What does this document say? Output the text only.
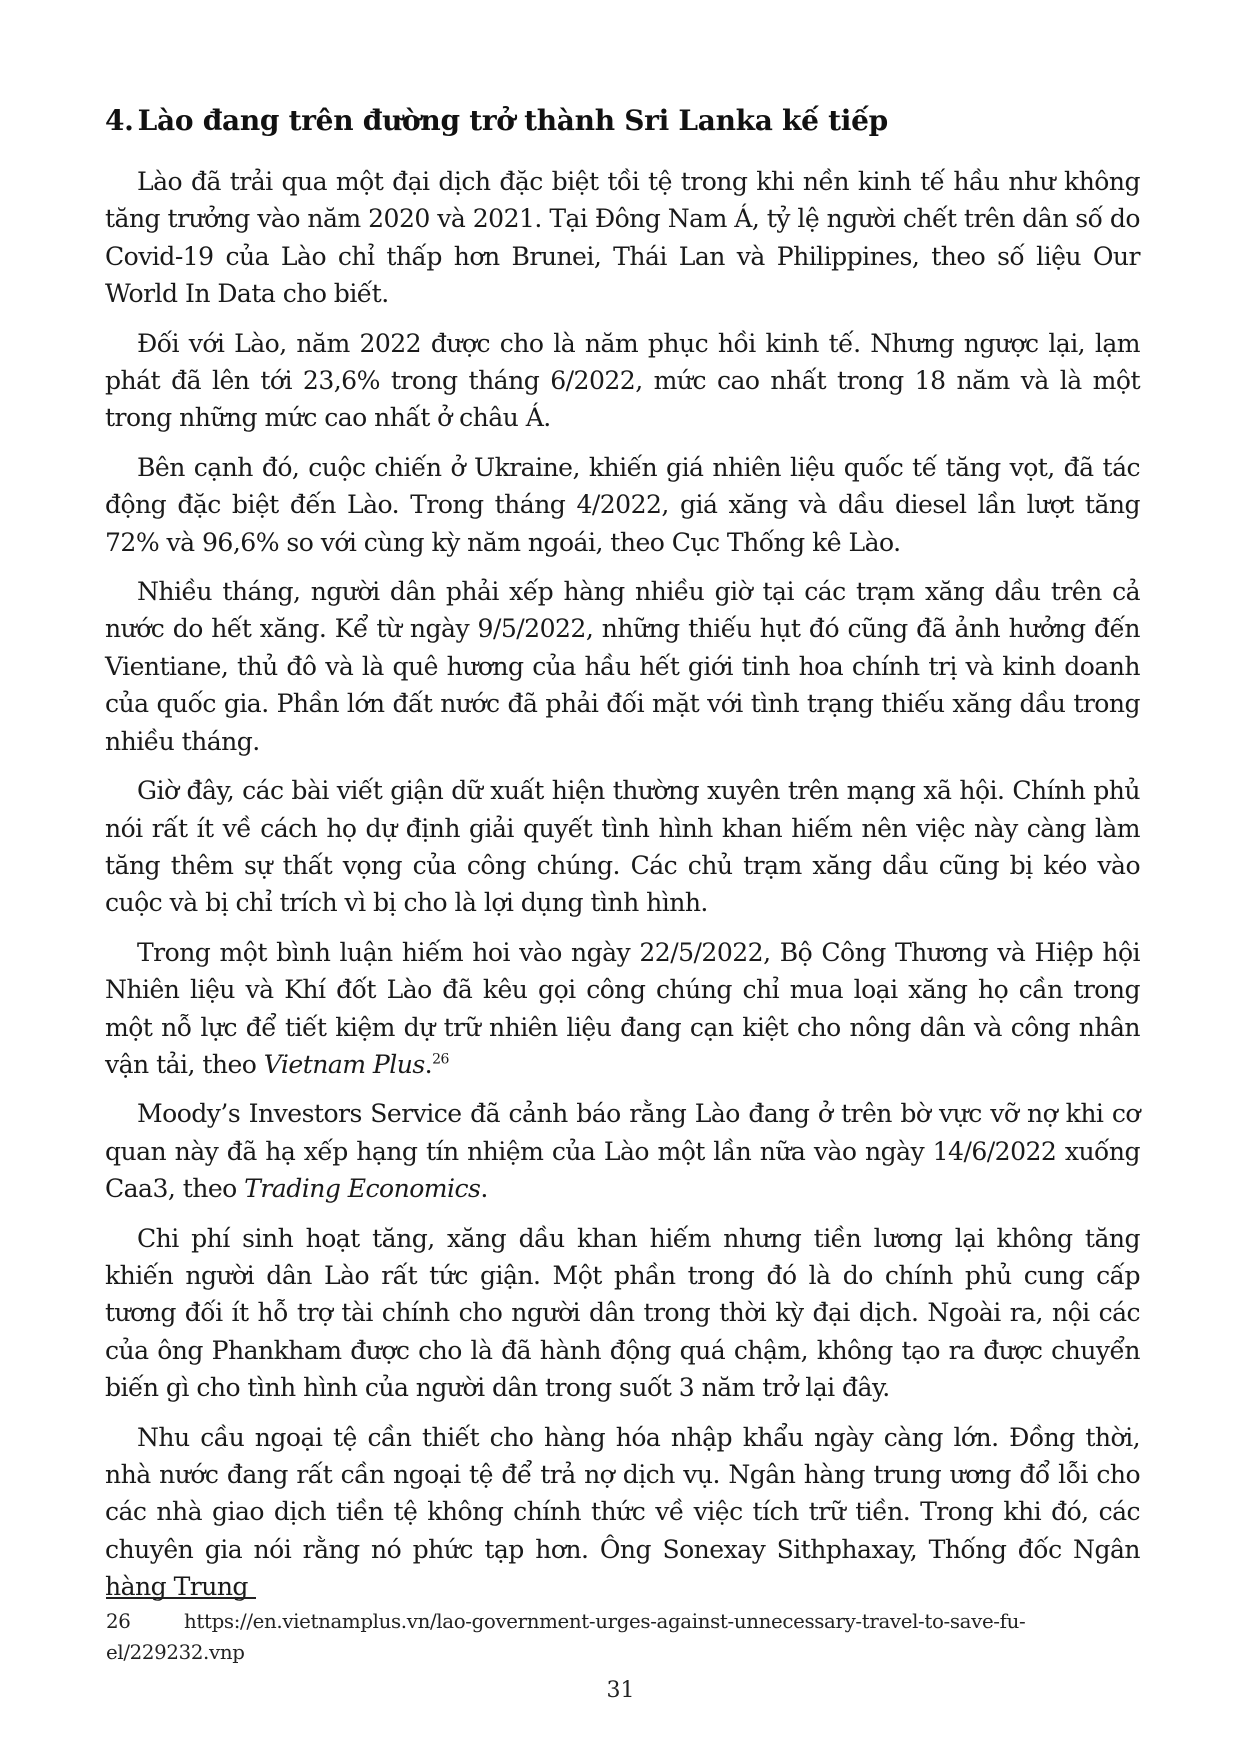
4. Lào đang trên đường trở thành Sri Lanka kế tiếp

Lào đã trải qua một đại dịch đặc biệt tồi tệ trong khi nền kinh tế hầu như không tăng trưởng vào năm 2020 và 2021. Tại Đông Nam Á, tỷ lệ người chết trên dân số do Covid-19 của Lào chỉ thấp hơn Brunei, Thái Lan và Philippines, theo số liệu Our World In Data cho biết.

Đối với Lào, năm 2022 được cho là năm phục hồi kinh tế. Nhưng ngược lại, lạm phát đã lên tới 23,6% trong tháng 6/2022, mức cao nhất trong 18 năm và là một trong những mức cao nhất ở châu Á.

Bên cạnh đó, cuộc chiến ở Ukraine, khiến giá nhiên liệu quốc tế tăng vọt, đã tác động đặc biệt đến Lào. Trong tháng 4/2022, giá xăng và dầu diesel lần lượt tăng 72% và 96,6% so với cùng kỳ năm ngoái, theo Cục Thống kê Lào.

Nhiều tháng, người dân phải xếp hàng nhiều giờ tại các trạm xăng dầu trên cả nước do hết xăng. Kể từ ngày 9/5/2022, những thiếu hụt đó cũng đã ảnh hưởng đến Vientiane, thủ đô và là quê hương của hầu hết giới tinh hoa chính trị và kinh doanh của quốc gia. Phần lớn đất nước đã phải đối mặt với tình trạng thiếu xăng dầu trong nhiều tháng.

Giờ đây, các bài viết giận dữ xuất hiện thường xuyên trên mạng xã hội. Chính phủ nói rất ít về cách họ dự định giải quyết tình hình khan hiếm nên việc này càng làm tăng thêm sự thất vọng của công chúng. Các chủ trạm xăng dầu cũng bị kéo vào cuộc và bị chỉ trích vì bị cho là lợi dụng tình hình.

Trong một bình luận hiếm hoi vào ngày 22/5/2022, Bộ Công Thương và Hiệp hội Nhiên liệu và Khí đốt Lào đã kêu gọi công chúng chỉ mua loại xăng họ cần trong một nỗ lực để tiết kiệm dự trữ nhiên liệu đang cạn kiệt cho nông dân và công nhân vận tải, theo Vietnam Plus.$^{26}$

Moody’s Investors Service đã cảnh báo rằng Lào đang ở trên bờ vực vỡ nợ khi cơ quan này đã hạ xếp hạng tín nhiệm của Lào một lần nữa vào ngày 14/6/2022 xuống Caa3, theo Trading Economics.

Chi phí sinh hoạt tăng, xăng dầu khan hiếm nhưng tiền lương lại không tăng khiến người dân Lào rất tức giận. Một phần trong đó là do chính phủ cung cấp tương đối ít hỗ trợ tài chính cho người dân trong thời kỳ đại dịch. Ngoài ra, nội các của ông Phankham được cho là đã hành động quá chậm, không tạo ra được chuyển biến gì cho tình hình của người dân trong suốt 3 năm trở lại đây.

Nhu cầu ngoại tệ cần thiết cho hàng hóa nhập khẩu ngày càng lớn. Đồng thời, nhà nước đang rất cần ngoại tệ để trả nợ dịch vụ. Ngân hàng trung ương đổ lỗi cho các nhà giao dịch tiền tệ không chính thức về việc tích trữ tiền. Trong khi đó, các chuyên gia nói rằng nó phức tạp hơn. Ông Sonexay Sithphaxay, Thống đốc Ngân hàng Trung

26	https://en.vietnamplus.vn/lao-government-urges-against-unnecessary-travel-to-save-fu-
el/229232.vnp
31
